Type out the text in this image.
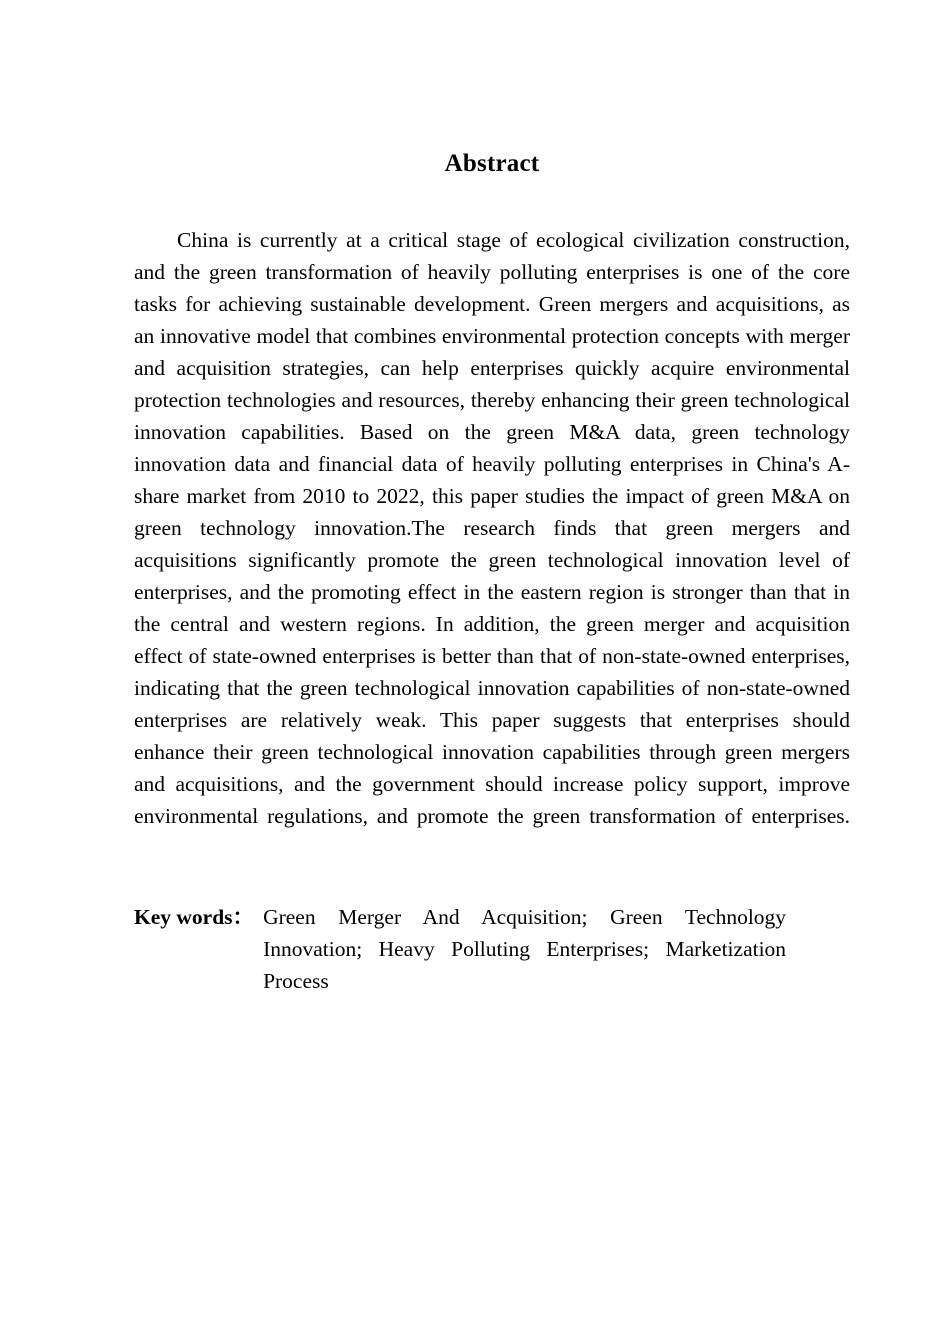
Abstract

China is currently at a critical stage of ecological civilization construction, and the green transformation of heavily polluting enterprises is one of the core tasks for achieving sustainable development. Green mergers and acquisitions, as an innovative model that combines environmental protection concepts with merger and acquisition strategies, can help enterprises quickly acquire environmental protection technologies and resources, thereby enhancing their green technological innovation capabilities. Based on the green M&A data, green technology innovation data and financial data of heavily polluting enterprises in China's A-share market from 2010 to 2022, this paper studies the impact of green M&A on green technology innovation.The research finds that green mergers and acquisitions significantly promote the green technological innovation level of enterprises, and the promoting effect in the eastern region is stronger than that in the central and western regions. In addition, the green merger and acquisition effect of state-owned enterprises is better than that of non-state-owned enterprises, indicating that the green technological innovation capabilities of non-state-owned enterprises are relatively weak. This paper suggests that enterprises should enhance their green technological innovation capabilities through green mergers and acquisitions, and the government should increase policy support, improve environmental regulations, and promote the green transformation of enterprises.

Key words ： Green Merger And Acquisition; Green Technology Innovation; Heavy Polluting Enterprises; Marketization Process
